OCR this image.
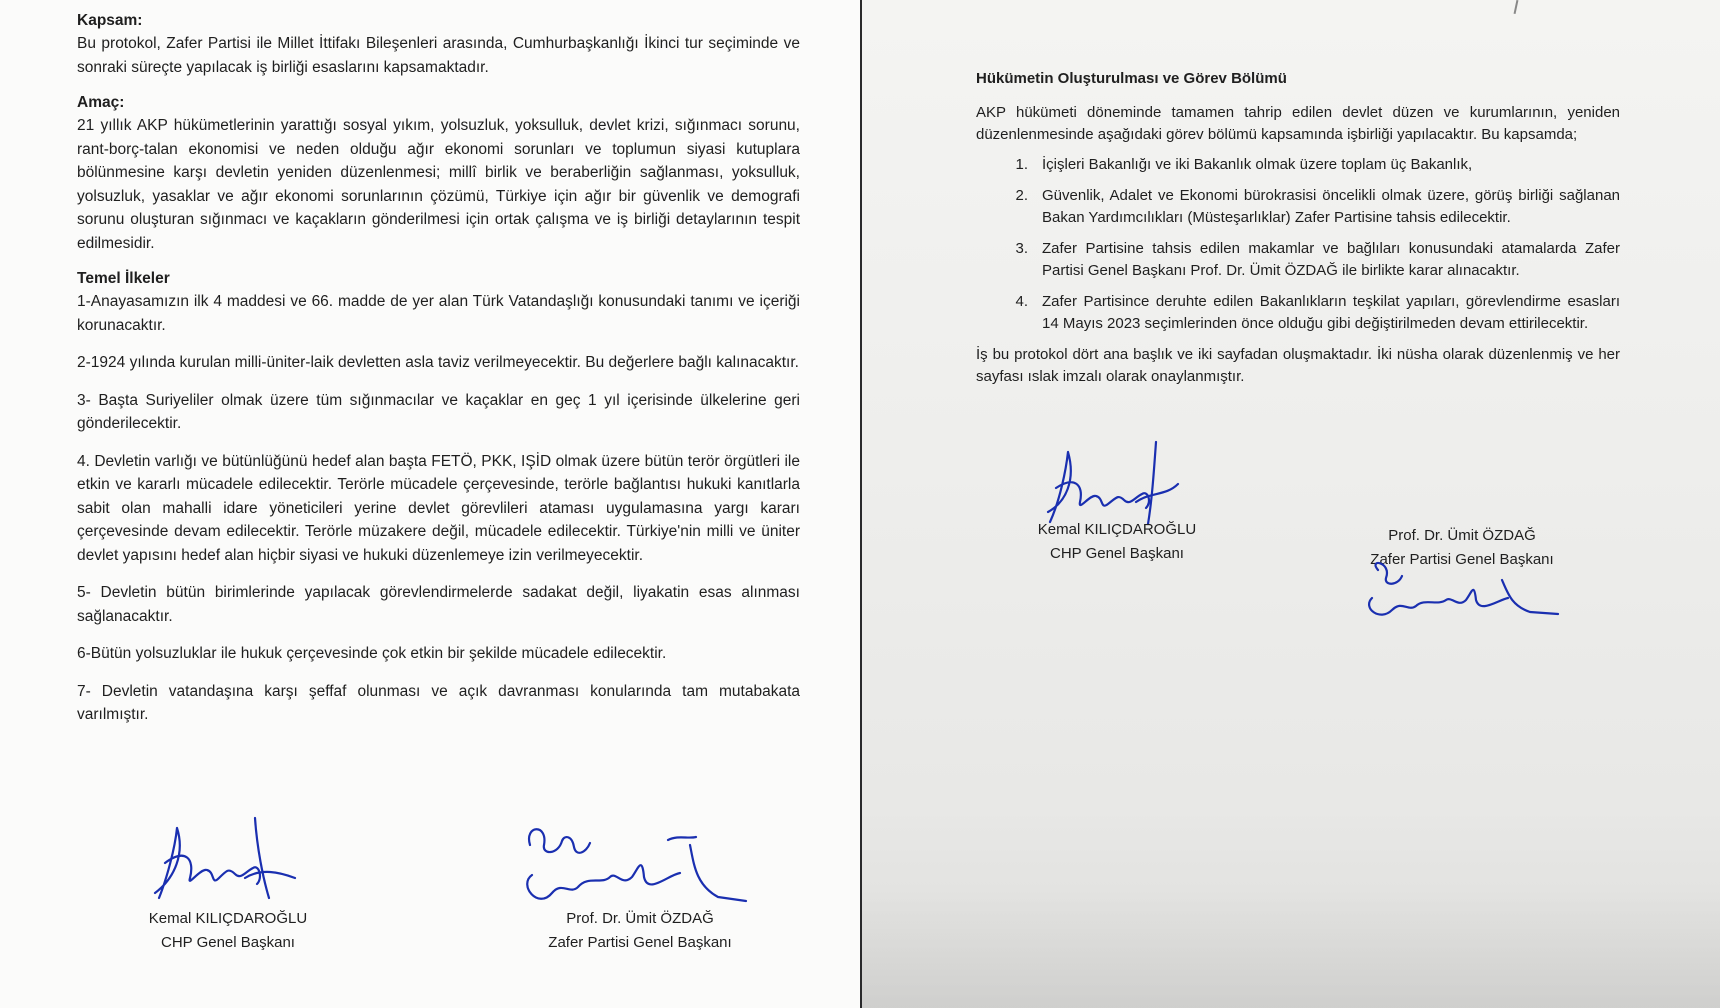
Kapsam:

Bu protokol, Zafer Partisi ile Millet İttifakı Bileşenleri arasında, Cumhurbaşkanlığı İkinci tur seçiminde ve sonraki süreçte yapılacak iş birliği esaslarını kapsamaktadır.

Amaç:

21 yıllık AKP hükümetlerinin yarattığı sosyal yıkım, yolsuzluk, yoksulluk, devlet krizi, sığınmacı sorunu, rant-borç-talan ekonomisi ve neden olduğu ağır ekonomi sorunları ve toplumun siyasi kutuplara bölünmesine karşı devletin yeniden düzenlenmesi; millî birlik ve beraberliğin sağlanması, yoksulluk, yolsuzluk, yasaklar ve ağır ekonomi sorunlarının çözümü, Türkiye için ağır bir güvenlik ve demografi sorunu oluşturan sığınmacı ve kaçakların gönderilmesi için ortak çalışma ve iş birliği detaylarının tespit edilmesidir.

Temel İlkeler

1-Anayasamızın ilk 4 maddesi ve 66. madde de yer alan Türk Vatandaşlığı konusundaki tanımı ve içeriği korunacaktır.

2-1924 yılında kurulan milli-üniter-laik devletten asla taviz verilmeyecektir. Bu değerlere bağlı kalınacaktır.

3- Başta Suriyeliler olmak üzere tüm sığınmacılar ve kaçaklar en geç 1 yıl içerisinde ülkelerine geri gönderilecektir.

4. Devletin varlığı ve bütünlüğünü hedef alan başta FETÖ, PKK, IŞİD olmak üzere bütün terör örgütleri ile etkin ve kararlı mücadele edilecektir. Terörle mücadele çerçevesinde, terörle bağlantısı hukuki kanıtlarla sabit olan mahalli idare yöneticileri yerine devlet görevlileri ataması uygulamasına yargı kararı çerçevesinde devam edilecektir. Terörle müzakere değil, mücadele edilecektir. Türkiye'nin milli ve üniter devlet yapısını hedef alan hiçbir siyasi ve hukuki düzenlemeye izin verilmeyecektir.

5- Devletin bütün birimlerinde yapılacak görevlendirmelerde sadakat değil, liyakatin esas alınması sağlanacaktır.

6-Bütün yolsuzluklar ile hukuk çerçevesinde çok etkin bir şekilde mücadele edilecektir.

7- Devletin vatandaşına karşı şeffaf olunması ve açık davranması konularında tam mutabakata varılmıştır.

Kemal KILIÇDAROĞLU
CHP Genel Başkanı
Prof. Dr. Ümit ÖZDAĞ
Zafer Partisi Genel Başkanı

Hükümetin Oluşturulması ve Görev Bölümü

AKP hükümeti döneminde tamamen tahrip edilen devlet düzen ve kurumlarının, yeniden düzenlenmesinde aşağıdaki görev bölümü kapsamında işbirliği yapılacaktır. Bu kapsamda;

1. İçişleri Bakanlığı ve iki Bakanlık olmak üzere toplam üç Bakanlık,
2. Güvenlik, Adalet ve Ekonomi bürokrasisi öncelikli olmak üzere, görüş birliği sağlanan Bakan Yardımcılıkları (Müsteşarlıklar) Zafer Partisine tahsis edilecektir.
3. Zafer Partisine tahsis edilen makamlar ve bağlıları konusundaki atamalarda Zafer Partisi Genel Başkanı Prof. Dr. Ümit ÖZDAĞ ile birlikte karar alınacaktır.
4. Zafer Partisince deruhte edilen Bakanlıkların teşkilat yapıları, görevlendirme esasları 14 Mayıs 2023 seçimlerinden önce olduğu gibi değiştirilmeden devam ettirilecektir.

İş bu protokol dört ana başlık ve iki sayfadan oluşmaktadır. İki nüsha olarak düzenlenmiş ve her sayfası ıslak imzalı olarak onaylanmıştır.

Kemal KILIÇDAROĞLU
CHP Genel Başkanı
Prof. Dr. Ümit ÖZDAĞ
Zafer Partisi Genel Başkanı
